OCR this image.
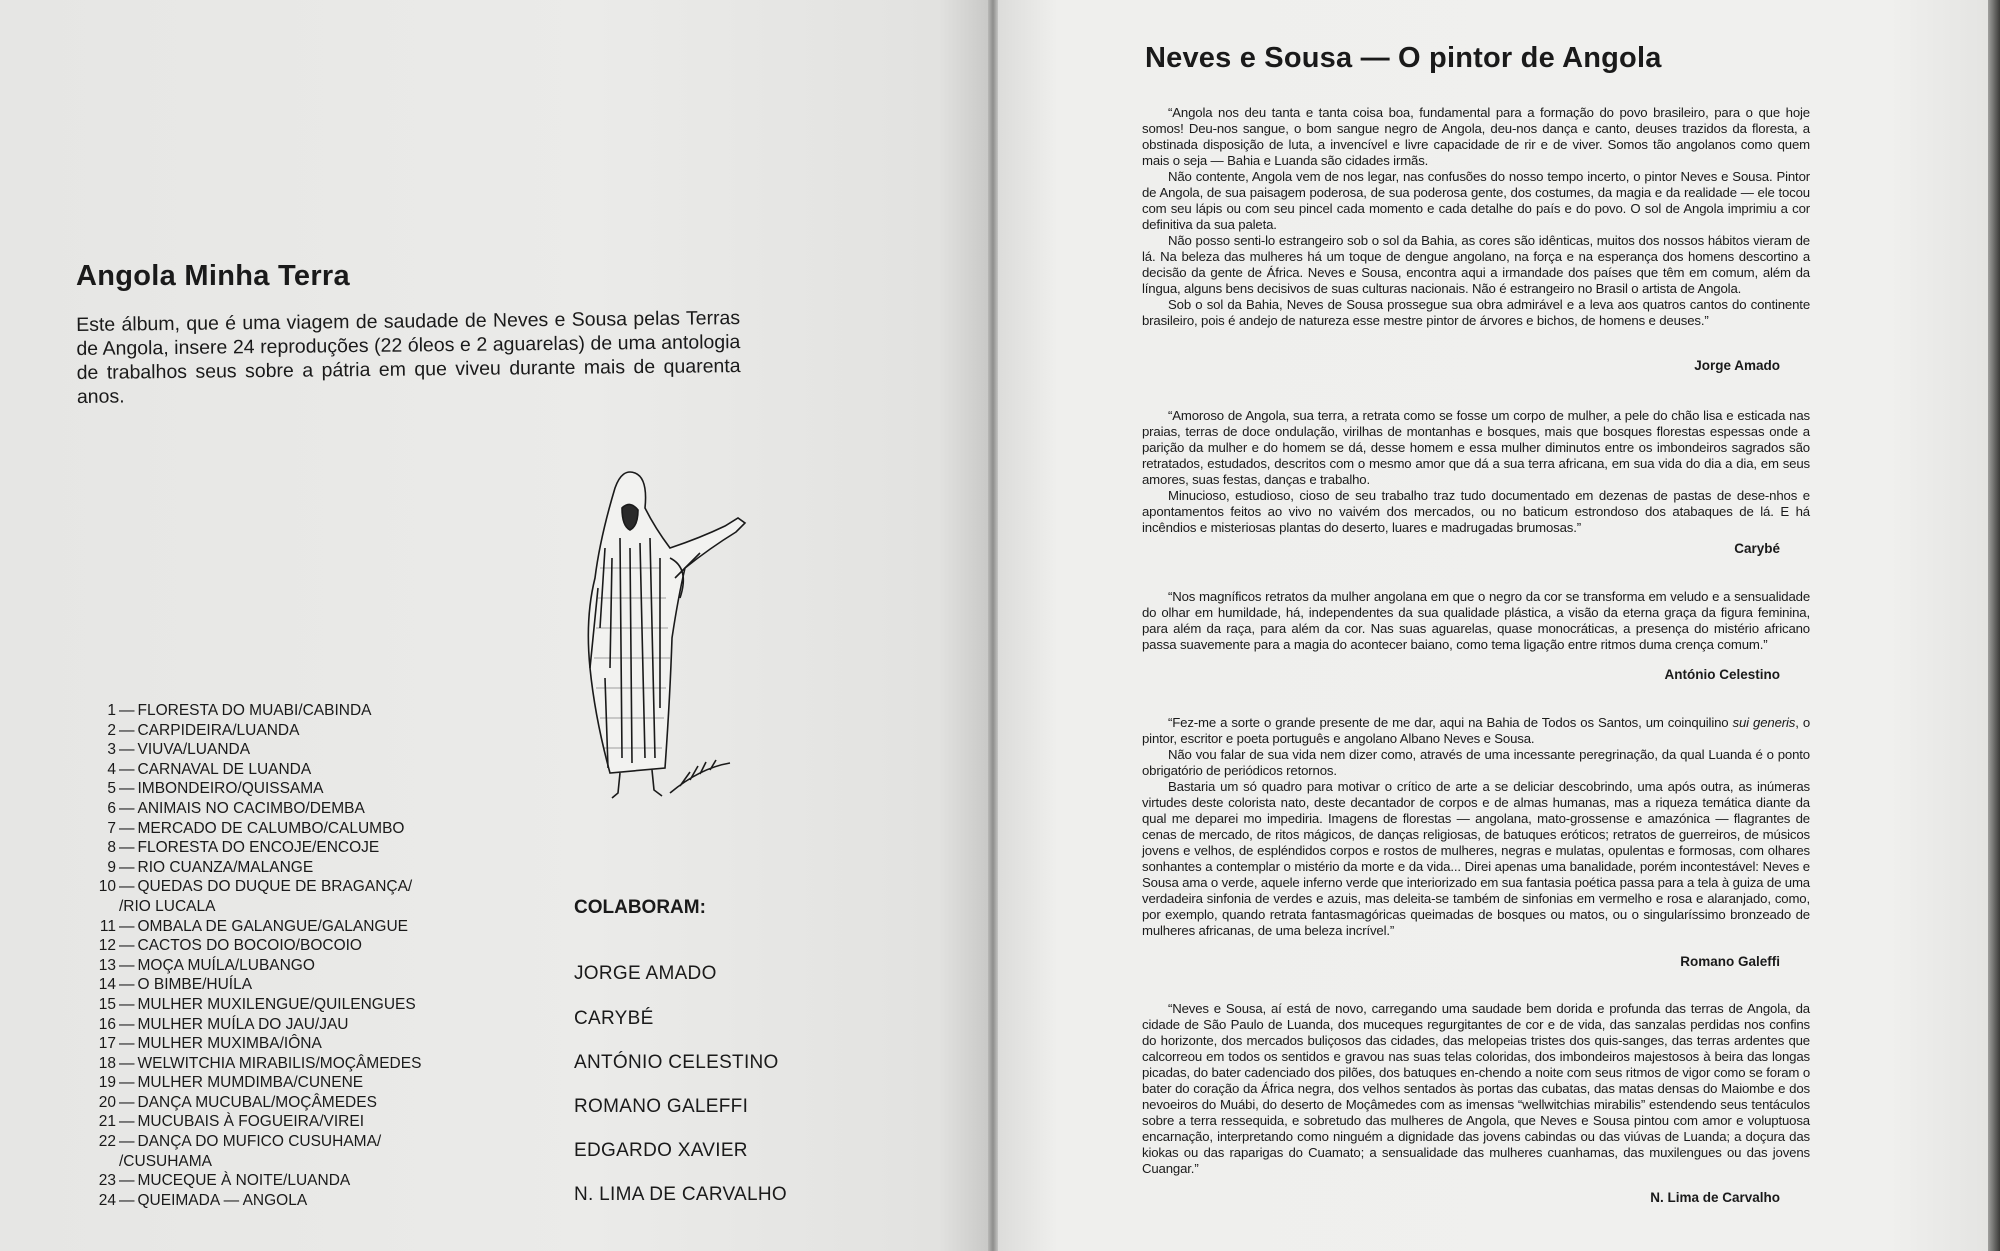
Angola Minha Terra
Este álbum, que é uma viagem de saudade de Neves e Sousa pelas Terras de Angola, insere 24 reproduções (22 óleos e 2 aguarelas) de uma antologia de trabalhos seus sobre a pátria em que viveu durante mais de quarenta anos.
1 — FLORESTA DO MUABI/CABINDA
2 — CARPIDEIRA/LUANDA
3 — VIUVA/LUANDA
4 — CARNAVAL DE LUANDA
5 — IMBONDEIRO/QUISSAMA
6 — ANIMAIS NO CACIMBO/DEMBA
7 — MERCADO DE CALUMBO/CALUMBO
8 — FLORESTA DO ENCOJE/ENCOJE
9 — RIO CUANZA/MALANGE
10 — QUEDAS DO DUQUE DE BRAGANÇA/
/RIO LUCALA
11 — OMBALA DE GALANGUE/GALANGUE
12 — CACTOS DO BOCOIO/BOCOIO
13 — MOÇA MUÍLA/LUBANGO
14 — O BIMBE/HUÍLA
15 — MULHER MUXILENGUE/QUILENGUES
16 — MULHER MUÍLA DO JAU/JAU
17 — MULHER MUXIMBA/IÔNA
18 — WELWITCHIA MIRABILIS/MOÇÂMEDES
19 — MULHER MUMDIMBA/CUNENE
20 — DANÇA MUCUBAL/MOÇÂMEDES
21 — MUCUBAIS À FOGUEIRA/VIREI
22 — DANÇA DO MUFICO CUSUHAMA/
/CUSUHAMA
23 — MUCEQUE À NOITE/LUANDA
24 — QUEIMADA — ANGOLA
COLABORAM:
JORGE AMADO
CARYBÉ
ANTÓNIO CELESTINO
ROMANO GALEFFI
EDGARDO XAVIER
N. LIMA DE CARVALHO
Neves e Sousa — O pintor de Angola

“Angola nos deu tanta e tanta coisa boa, fundamental para a formação do povo brasileiro, para o que hoje somos! Deu-nos sangue, o bom sangue negro de Angola, deu-nos dança e canto, deuses trazidos da floresta, a obstinada disposição de luta, a invencível e livre capacidade de rir e de viver. Somos tão angolanos como quem mais o seja — Bahia e Luanda são cidades irmãs.

Não contente, Angola vem de nos legar, nas confusões do nosso tempo incerto, o pintor Neves e Sousa. Pintor de Angola, de sua paisagem poderosa, de sua poderosa gente, dos costumes, da magia e da realidade — ele tocou com seu lápis ou com seu pincel cada momento e cada detalhe do país e do povo. O sol de Angola imprimiu a cor definitiva da sua paleta.

Não posso senti-lo estrangeiro sob o sol da Bahia, as cores são idênticas, muitos dos nossos hábitos vieram de lá. Na beleza das mulheres há um toque de dengue angolano, na força e na esperança dos homens descortino a decisão da gente de África. Neves e Sousa, encontra aqui a irmandade dos países que têm em comum, além da língua, alguns bens decisivos de suas culturas nacionais. Não é estrangeiro no Brasil o artista de Angola.

Sob o sol da Bahia, Neves de Sousa prossegue sua obra admirável e a leva aos quatros cantos do continente brasileiro, pois é andejo de natureza esse mestre pintor de árvores e bichos, de homens e deuses.”

Jorge Amado

“Amoroso de Angola, sua terra, a retrata como se fosse um corpo de mulher, a pele do chão lisa e esticada nas praias, terras de doce ondulação, virilhas de montanhas e bosques, mais que bosques florestas espessas onde a parição da mulher e do homem se dá, desse homem e essa mulher diminutos entre os imbondeiros sagrados são retratados, estudados, descritos com o mesmo amor que dá a sua terra africana, em sua vida do dia a dia, em seus amores, suas festas, danças e trabalho.

Minucioso, estudioso, cioso de seu trabalho traz tudo documentado em dezenas de pastas de dese-nhos e apontamentos feitos ao vivo no vaivém dos mercados, ou no baticum estrondoso dos atabaques de lá. E há incêndios e misteriosas plantas do deserto, luares e madrugadas brumosas.”

Carybé

“Nos magníficos retratos da mulher angolana em que o negro da cor se transforma em veludo e a sensualidade do olhar em humildade, há, independentes da sua qualidade plástica, a visão da eterna graça da figura feminina, para além da raça, para além da cor. Nas suas aguarelas, quase monocráticas, a presença do mistério africano passa suavemente para a magia do acontecer baiano, como tema ligação entre ritmos duma crença comum.”

António Celestino

“Fez-me a sorte o grande presente de me dar, aqui na Bahia de Todos os Santos, um coinquilino sui generis, o pintor, escritor e poeta português e angolano Albano Neves e Sousa.

Não vou falar de sua vida nem dizer como, através de uma incessante peregrinação, da qual Luanda é o ponto obrigatório de periódicos retornos.

Bastaria um só quadro para motivar o crítico de arte a se deliciar descobrindo, uma após outra, as inúmeras virtudes deste colorista nato, deste decantador de corpos e de almas humanas, mas a riqueza temática diante da qual me deparei mo impediria. Imagens de florestas — angolana, mato-grossense e amazónica — flagrantes de cenas de mercado, de ritos mágicos, de danças religiosas, de batuques eróticos; retratos de guerreiros, de músicos jovens e velhos, de espléndidos corpos e rostos de mulheres, negras e mulatas, opulentas e formosas, com olhares sonhantes a contemplar o mistério da morte e da vida... Direi apenas uma banalidade, porém incontestável: Neves e Sousa ama o verde, aquele inferno verde que interiorizado em sua fantasia poética passa para a tela à guiza de uma verdadeira sinfonia de verdes e azuis, mas deleita-se também de sinfonias em vermelho e rosa e alaranjado, como, por exemplo, quando retrata fantasmagóricas queimadas de bosques ou matos, ou o singularíssimo bronzeado de mulheres africanas, de uma beleza incrível.”

Romano Galeffi

“Neves e Sousa, aí está de novo, carregando uma saudade bem dorida e profunda das terras de Angola, da cidade de São Paulo de Luanda, dos muceques regurgitantes de cor e de vida, das sanzalas perdidas nos confins do horizonte, dos mercados buliçosos das cidades, das melopeias tristes dos quis-sanges, das terras ardentes que calcorreou em todos os sentidos e gravou nas suas telas coloridas, dos imbondeiros majestosos à beira das longas picadas, do bater cadenciado dos pilões, dos batuques en-chendo a noite com seus ritmos de vigor como se foram o bater do coração da África negra, dos velhos sentados às portas das cubatas, das matas densas do Maiombe e dos nevoeiros do Muábi, do deserto de Moçâmedes com as imensas “wellwitchias mirabilis” estendendo seus tentáculos sobre a terra ressequida, e sobretudo das mulheres de Angola, que Neves e Sousa pintou com amor e voluptuosa encarnação, interpretando como ninguém a dignidade das jovens cabindas ou das viúvas de Luanda; a doçura das kiokas ou das raparigas do Cuamato; a sensualidade das mulheres cuanhamas, das muxilengues ou das jovens Cuangar.”

N. Lima de Carvalho
